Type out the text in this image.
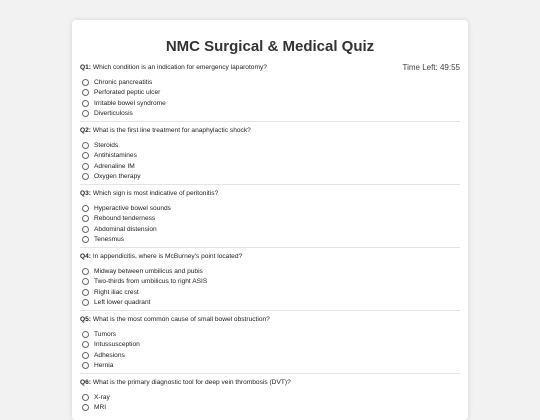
NMC Surgical & Medical Quiz
Time Left: 49:55
Q1: Which condition is an indication for emergency laparotomy?
Chronic pancreatitis
Perforated peptic ulcer
Irritable bowel syndrome
Diverticulosis
Q2: What is the first line treatment for anaphylactic shock?
Steroids
Antihistamines
Adrenaline IM
Oxygen therapy
Q3: Which sign is most indicative of peritonitis?
Hyperactive bowel sounds
Rebound tenderness
Abdominal distension
Tenesmus
Q4: In appendicitis, where is McBurney's point located?
Midway between umbilicus and pubis
Two-thirds from umbilicus to right ASIS
Right iliac crest
Left lower quadrant
Q5: What is the most common cause of small bowel obstruction?
Tumors
Intussusception
Adhesions
Hernia
Q6: What is the primary diagnostic tool for deep vein thrombosis (DVT)?
X-ray
MRI
